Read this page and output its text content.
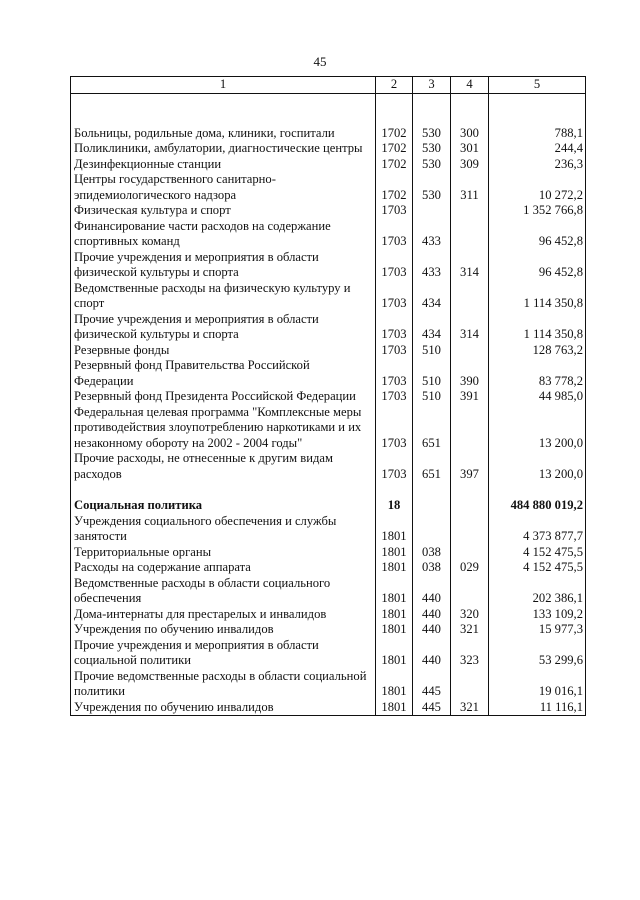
45
1	2	3	4	5

Больницы, родильные дома, клиники, госпитали	1702	530	300	788,1
Поликлиники, амбулатории, диагностические центры	1702	530	301	244,4
Дезинфекционные станции	1702	530	309	236,3
Центры государственного санитарно-эпидемиологического надзора	1702	530	311	10 272,2
Физическая культура и спорт	1703			1 352 766,8
Финансирование части расходов на содержание спортивных команд	1703	433		96 452,8
Прочие учреждения и мероприятия в области физической культуры и спорта	1703	433	314	96 452,8
Ведомственные расходы на физическую культуру и спорт	1703	434		1 114 350,8
Прочие учреждения и мероприятия в области физической культуры и спорта	1703	434	314	1 114 350,8
Резервные фонды	1703	510		128 763,2
Резервный фонд Правительства Российской Федерации	1703	510	390	83 778,2
Резервный фонд Президента Российской Федерации	1703	510	391	44 985,0
Федеральная целевая программа "Комплексные меры противодействия злоупотреблению наркотиками и их незаконному обороту на 2002 - 2004 годы"	1703	651		13 200,0
Прочие расходы, не отнесенные к другим видам расходов	1703	651	397	13 200,0

Социальная политика	18			484 880 019,2
Учреждения социального обеспечения и службы занятости	1801			4 373 877,7
Территориальные органы	1801	038		4 152 475,5
Расходы на содержание аппарата	1801	038	029	4 152 475,5
Ведомственные расходы в области социального обеспечения	1801	440		202 386,1
Дома-интернаты для престарелых и инвалидов	1801	440	320	133 109,2
Учреждения по обучению инвалидов	1801	440	321	15 977,3
Прочие учреждения и мероприятия в области социальной политики	1801	440	323	53 299,6
Прочие ведомственные расходы в области социальной политики	1801	445		19 016,1
Учреждения по обучению инвалидов	1801	445	321	11 116,1
